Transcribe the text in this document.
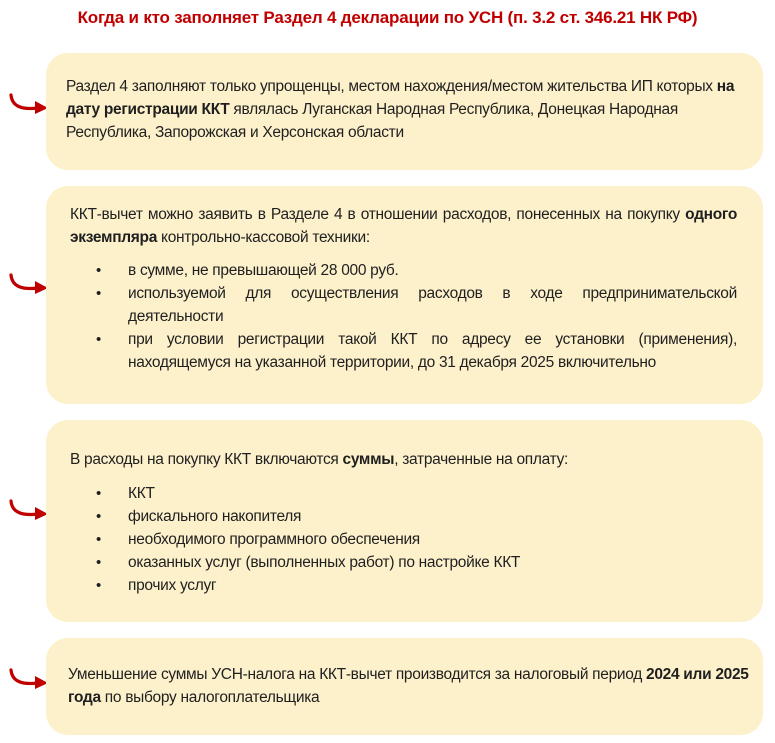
Когда и кто заполняет Раздел 4 декларации по УСН (п. 3.2 ст. 346.21 НК РФ)

Раздел 4 заполняют только упрощенцы, местом нахождения/местом жительства ИП которых на дату регистрации ККТ являлась Луганская Народная Республика, Донецкая Народная Республика, Запорожская и Херсонская области

ККТ-вычет можно заявить в Разделе 4 в отношении расходов, понесенных на покупку одного экземпляра контрольно-кассовой техники:

• в сумме, не превышающей 28 000 руб.
• используемой для осуществления расходов в ходе предпринимательской деятельности
• при условии регистрации такой ККТ по адресу ее установки (применения), находящемуся на указанной территории, до 31 декабря 2025 включительно

В расходы на покупку ККТ включаются суммы, затраченные на оплату:

• ККТ
• фискального накопителя
• необходимого программного обеспечения
• оказанных услуг (выполненных работ) по настройке ККТ
• прочих услуг

Уменьшение суммы УСН-налога на ККТ-вычет производится за налоговый период 2024 или 2025 года по выбору налогоплательщика
